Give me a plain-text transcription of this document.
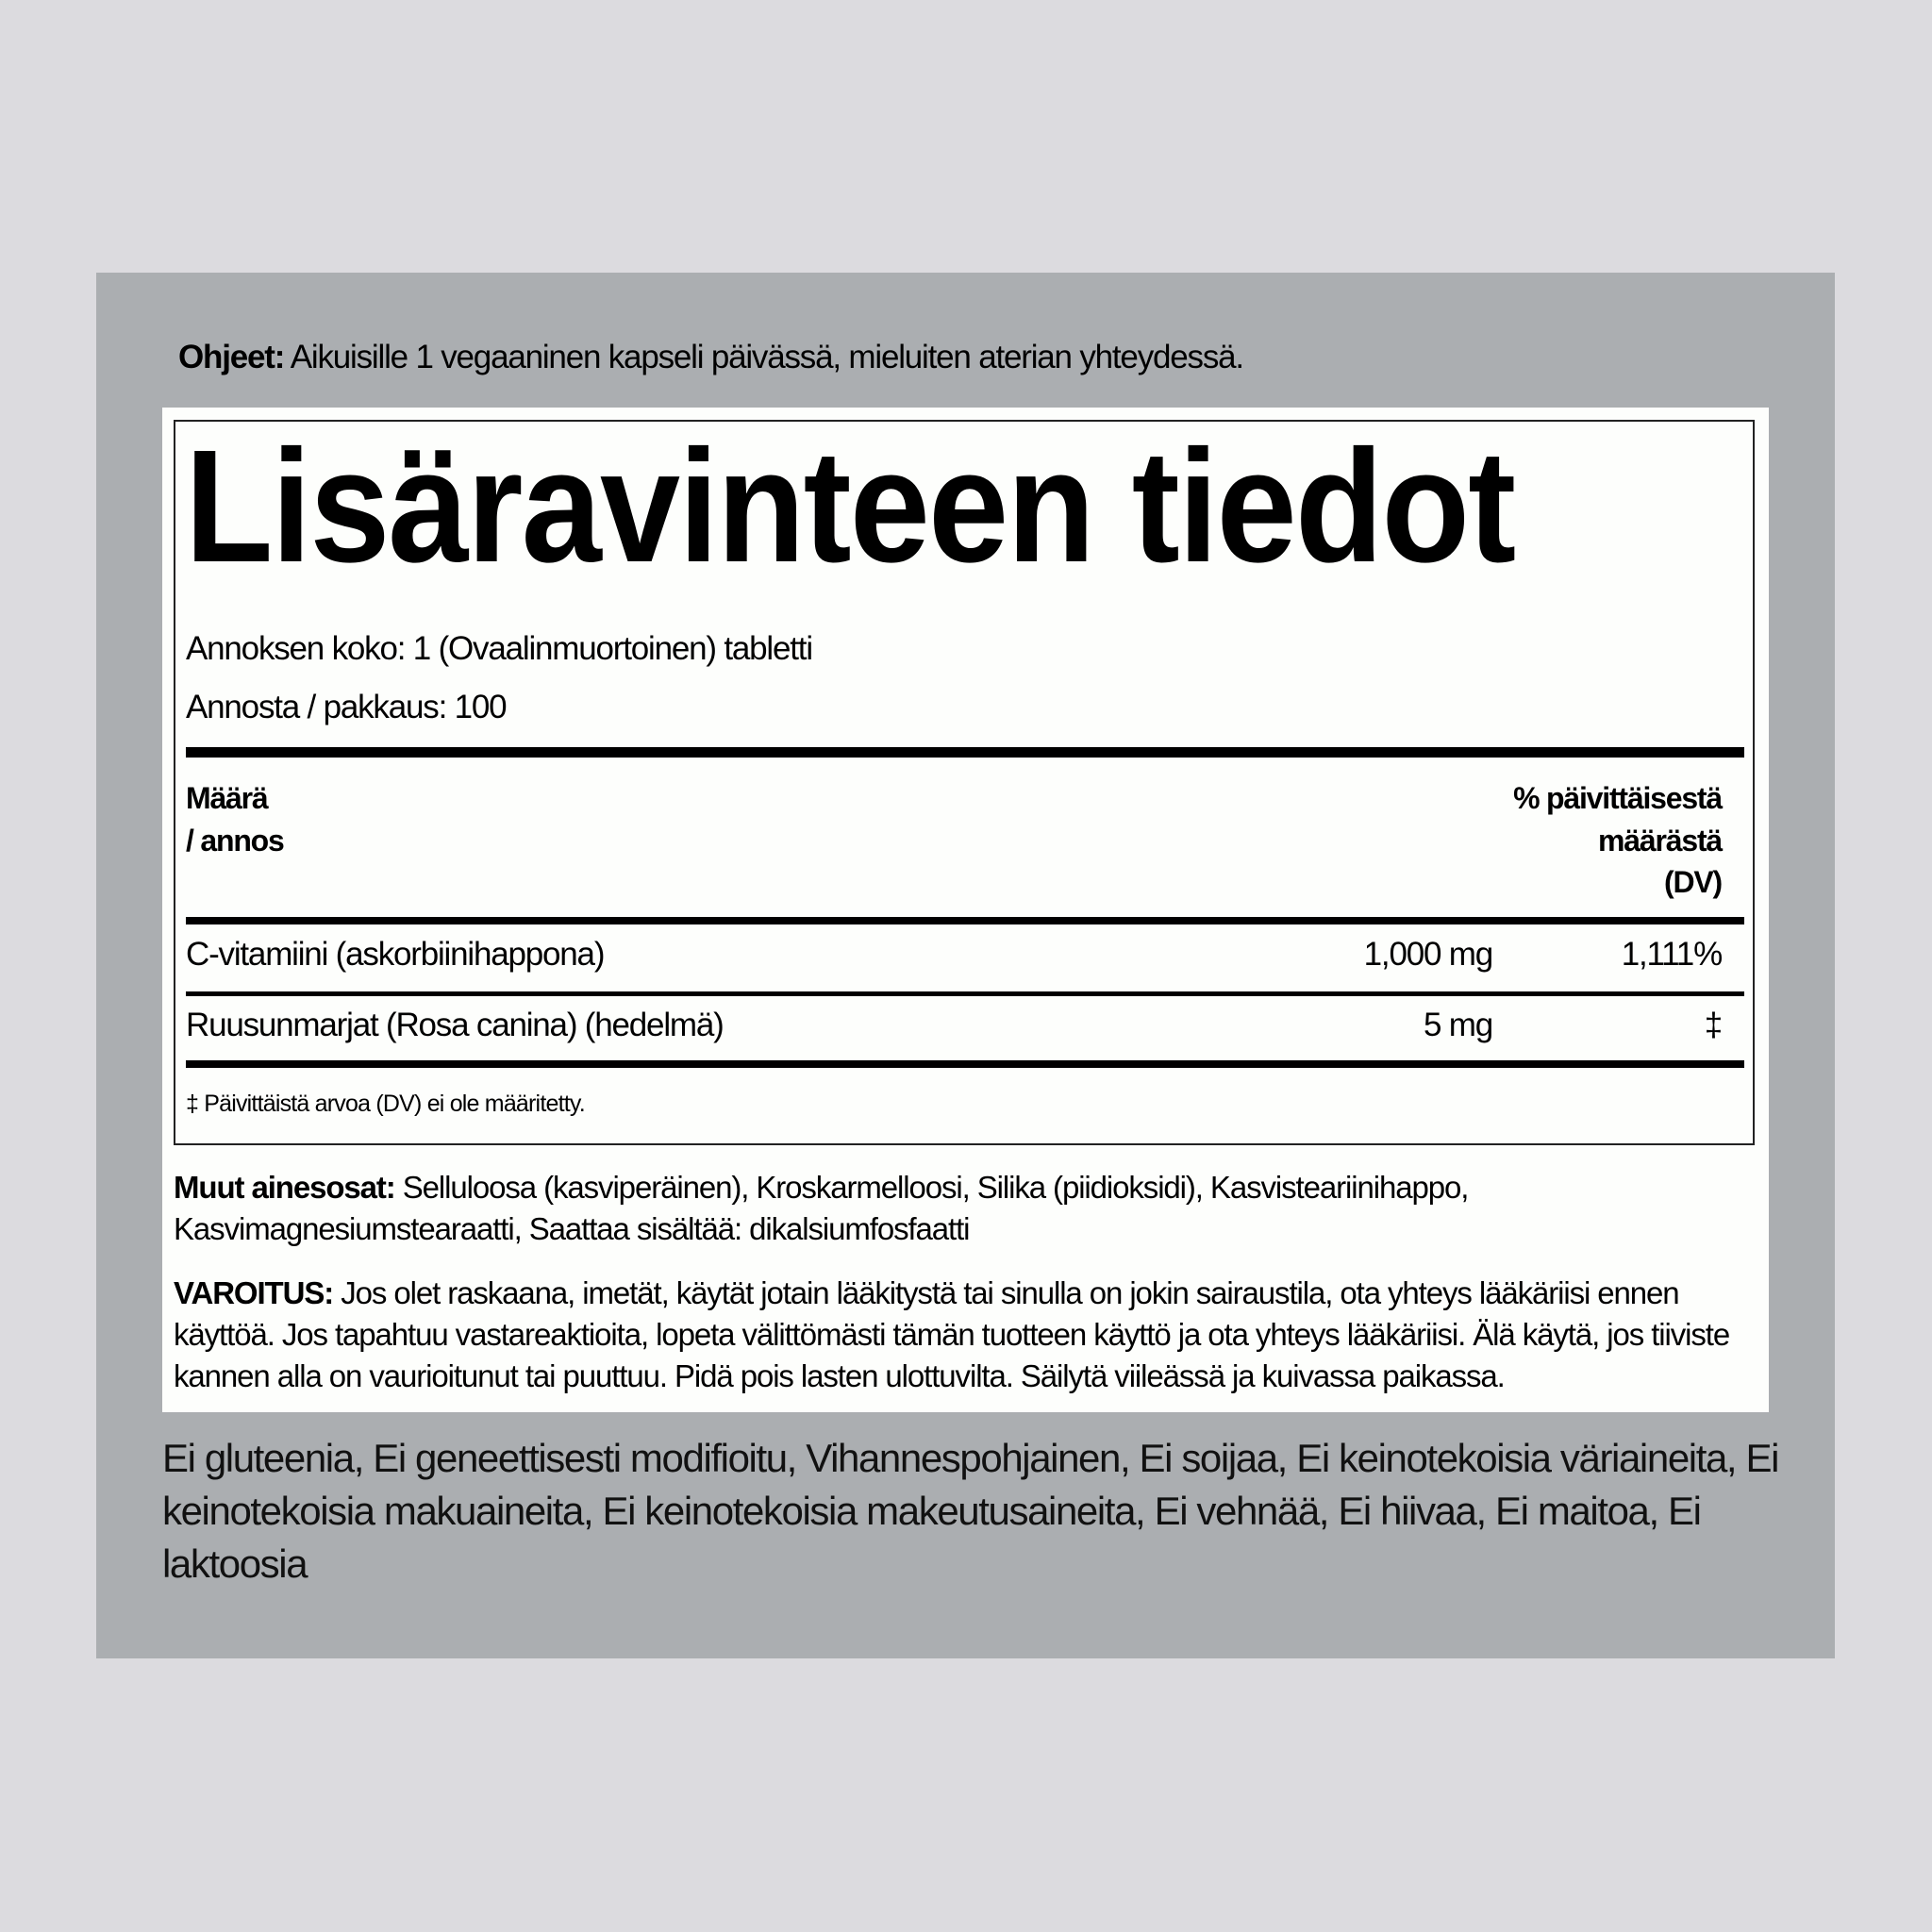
Ohjeet: Aikuisille 1 vegaaninen kapseli päivässä, mieluiten aterian yhteydessä.
Lisäravinteen tiedot
Annoksen koko: 1 (Ovaalinmuortoinen) tabletti
Annosta / pakkaus: 100
Määrä
/ annos
% päivittäisestä
määrästä
(DV)
C-vitamiini (askorbiinihappona)	1,000 mg	1,111%
Ruusunmarjat (Rosa canina) (hedelmä)	5 mg	‡
‡ Päivittäistä arvoa (DV) ei ole määritetty.
Muut ainesosat: Selluloosa (kasviperäinen), Kroskarmelloosi, Silika (piidioksidi), Kasvisteariinihappo, Kasvimagnesiumstearaatti, Saattaa sisältää: dikalsiumfosfaatti
VAROITUS: Jos olet raskaana, imetät, käytät jotain lääkitystä tai sinulla on jokin sairaustila, ota yhteys lääkäriisi ennen käyttöä. Jos tapahtuu vastareaktioita, lopeta välittömästi tämän tuotteen käyttö ja ota yhteys lääkäriisi. Älä käytä, jos tiiviste kannen alla on vaurioitunut tai puuttuu. Pidä pois lasten ulottuvilta. Säilytä viileässä ja kuivassa paikassa.
Ei gluteenia, Ei geneettisesti modifioitu, Vihannespohjainen, Ei soijaa, Ei keinotekoisia väriaineita, Ei keinotekoisia makuaineita, Ei keinotekoisia makeutusaineita, Ei vehnää, Ei hiivaa, Ei maitoa, Ei laktoosia
